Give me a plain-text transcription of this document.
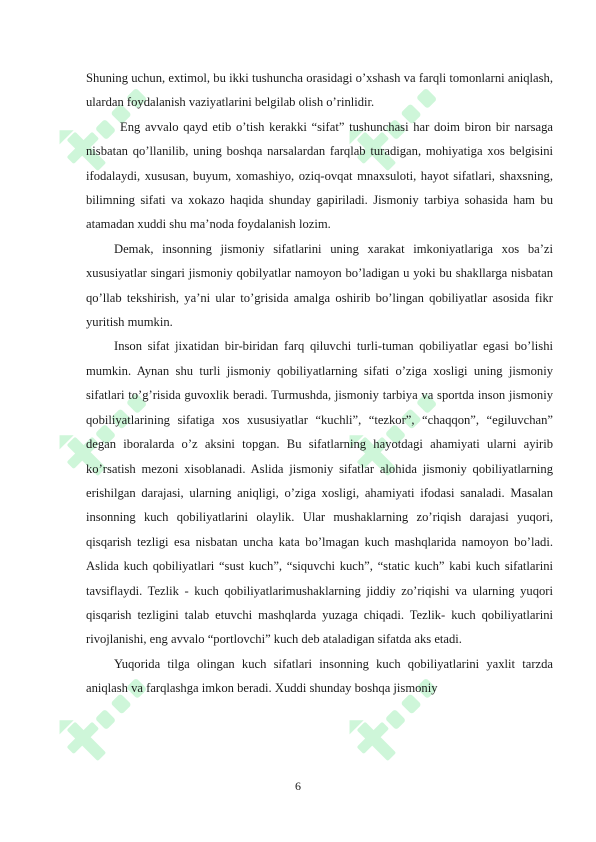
Shuning uchun, extimol, bu ikki tushuncha orasidagi o’xshash va farqli tomonlarni aniqlash, ulardan foydalanish vaziyatlarini belgilab olish o’rinlidir.

Eng avvalo qayd etib o’tish kerakki “sifat” tushunchasi har doim biron bir narsaga nisbatan qo’llanilib, uning boshqa narsalardan farqlab turadigan, mohiyatiga xos belgisini ifodalaydi, xususan, buyum, xomashiyo, oziq-ovqat mnaxsuloti, hayot sifatlari, shaxsning, bilimning sifati va xokazo haqida shunday gapiriladi. Jismoniy tarbiya sohasida ham bu atamadan xuddi shu ma’noda foydalanish lozim.

Demak, insonning jismoniy sifatlarini uning xarakat imkoniyatlariga xos ba’zi xususiyatlar singari jismoniy qobilyatlar namoyon bo’ladigan u yoki bu shakllarga nisbatan qo’llab tekshirish, ya’ni ular to’grisida amalga oshirib bo’lingan qobiliyatlar asosida fikr yuritish mumkin.

Inson sifat jixatidan bir-biridan farq qiluvchi turli-tuman qobiliyatlar egasi bo’lishi mumkin. Aynan shu turli jismoniy qobiliyatlarning sifati o’ziga xosligi uning jismoniy sifatlari to’g’risida guvoxlik beradi. Turmushda, jismoniy tarbiya va sportda inson jismoniy qobiliyatlarining sifatiga xos xususiyatlar “kuchli”, “tezkor”, “chaqqon”, “egiluvchan” degan iboralarda o’z aksini topgan. Bu sifatlarning hayotdagi ahamiyati ularni ayirib ko’rsatish mezoni xisoblanadi. Aslida jismoniy sifatlar alohida jismoniy qobiliyatlarning erishilgan darajasi, ularning aniqligi, o’ziga xosligi, ahamiyati ifodasi sanaladi. Masalan insonning kuch qobiliyatlarini olaylik. Ular mushaklarning zo’riqish darajasi yuqori, qisqarish tezligi esa nisbatan uncha kata bo’lmagan kuch mashqlarida namoyon bo’ladi. Aslida kuch qobiliyatlari “sust kuch”, “siquvchi kuch”, “static kuch” kabi kuch sifatlarini tavsiflaydi. Tezlik - kuch qobiliyatlarimushaklarning jiddiy zo’riqishi va ularning yuqori qisqarish tezligini talab etuvchi mashqlarda yuzaga chiqadi. Tezlik- kuch qobiliyatlarini rivojlanishi, eng avvalo “portlovchi” kuch deb ataladigan sifatda aks etadi.

Yuqorida tilga olingan kuch sifatlari insonning kuch qobiliyatlarini yaxlit tarzda aniqlash va farqlashga imkon beradi. Xuddi shunday boshqa jismoniy

6
